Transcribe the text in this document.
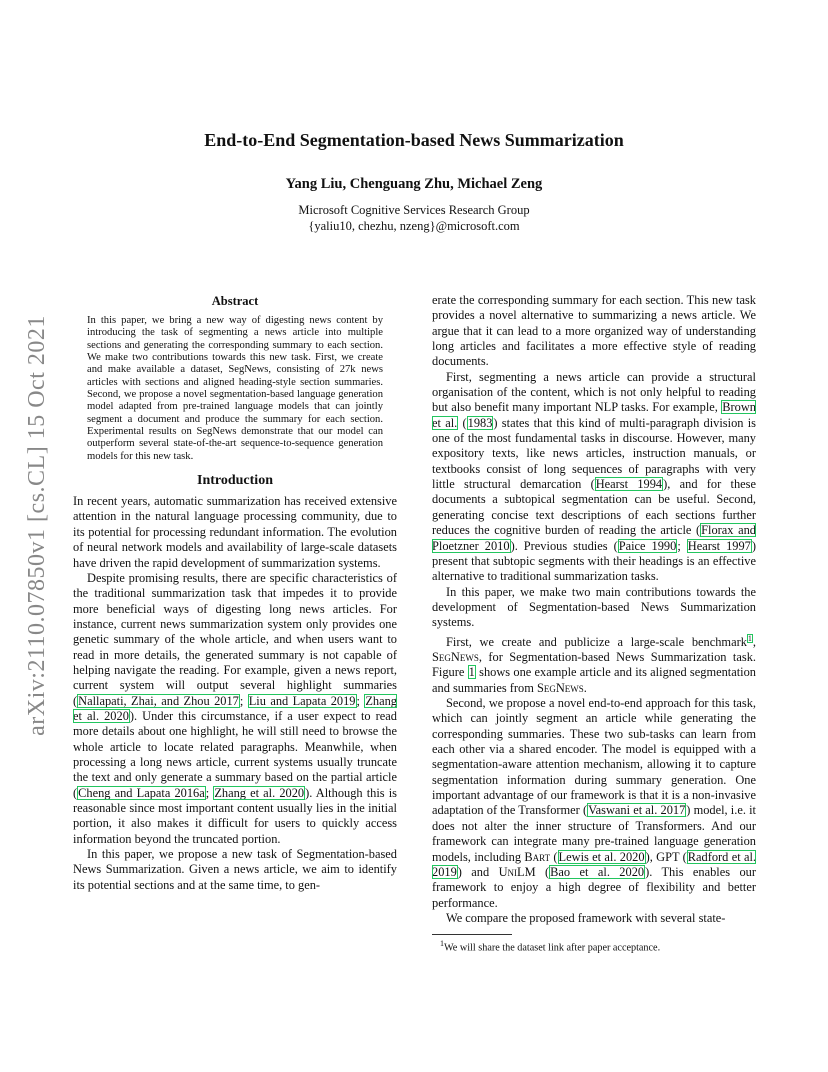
arXiv:2110.07850v1 [cs.CL] 15 Oct 2021
End-to-End Segmentation-based News Summarization
Yang Liu, Chenguang Zhu, Michael Zeng
Microsoft Cognitive Services Research Group
{yaliu10, chezhu, nzeng}@microsoft.com
Abstract

In this paper, we bring a new way of digesting news content by introducing the task of segmenting a news article into multiple sections and generating the corresponding summary to each section. We make two contributions towards this new task. First, we create and make available a dataset, SegNews, consisting of 27k news articles with sections and aligned heading-style section summaries. Second, we propose a novel segmentation-based language generation model adapted from pre-trained language models that can jointly segment a document and produce the summary for each section. Experimental results on SegNews demonstrate that our model can outperform several state-of-the-art sequence-to-sequence generation models for this new task.

Introduction

In recent years, automatic summarization has received extensive attention in the natural language processing community, due to its potential for processing redundant information. The evolution of neural network models and availability of large-scale datasets have driven the rapid development of summarization systems.

Despite promising results, there are specific characteristics of the traditional summarization task that impedes it to provide more beneficial ways of digesting long news articles. For instance, current news summarization system only provides one genetic summary of the whole article, and when users want to read in more details, the generated summary is not capable of helping navigate the reading. For example, given a news report, current system will output several highlight summaries (Nallapati, Zhai, and Zhou 2017; Liu and Lapata 2019; Zhang et al. 2020). Under this circumstance, if a user expect to read more details about one highlight, he will still need to browse the whole article to locate related paragraphs. Meanwhile, when processing a long news article, current systems usually truncate the text and only generate a summary based on the partial article (Cheng and Lapata 2016a; Zhang et al. 2020). Although this is reasonable since most important content usually lies in the initial portion, it also makes it difficult for users to quickly access information beyond the truncated portion.

In this paper, we propose a new task of Segmentation-based News Summarization. Given a news article, we aim to identify its potential sections and at the same time, to gen-

erate the corresponding summary for each section. This new task provides a novel alternative to summarizing a news article. We argue that it can lead to a more organized way of understanding long articles and facilitates a more effective style of reading documents.

First, segmenting a news article can provide a structural organisation of the content, which is not only helpful to reading but also benefit many important NLP tasks. For example, Brown et al. (1983) states that this kind of multi-paragraph division is one of the most fundamental tasks in discourse. However, many expository texts, like news articles, instruction manuals, or textbooks consist of long sequences of paragraphs with very little structural demarcation (Hearst 1994), and for these documents a subtopical segmentation can be useful. Second, generating concise text descriptions of each sections further reduces the cognitive burden of reading the article (Florax and Ploetzner 2010). Previous studies (Paice 1990; Hearst 1997) present that subtopic segments with their headings is an effective alternative to traditional summarization tasks.

In this paper, we make two main contributions towards the development of Segmentation-based News Summarization systems.

First, we create and publicize a large-scale benchmark$^1$, SegNews, for Segmentation-based News Summarization task. Figure 1 shows one example article and its aligned segmentation and summaries from SegNews.

Second, we propose a novel end-to-end approach for this task, which can jointly segment an article while generating the corresponding summaries. These two sub-tasks can learn from each other via a shared encoder. The model is equipped with a segmentation-aware attention mechanism, allowing it to capture segmentation information during summary generation. One important advantage of our framework is that it is a non-invasive adaptation of the Transformer (Vaswani et al. 2017) model, i.e. it does not alter the inner structure of Transformers. And our framework can integrate many pre-trained language generation models, including Bart (Lewis et al. 2020), GPT (Radford et al. 2019) and UniLM (Bao et al. 2020). This enables our framework to enjoy a high degree of flexibility and better performance.

We compare the proposed framework with several state-

$^1$We will share the dataset link after paper acceptance.
